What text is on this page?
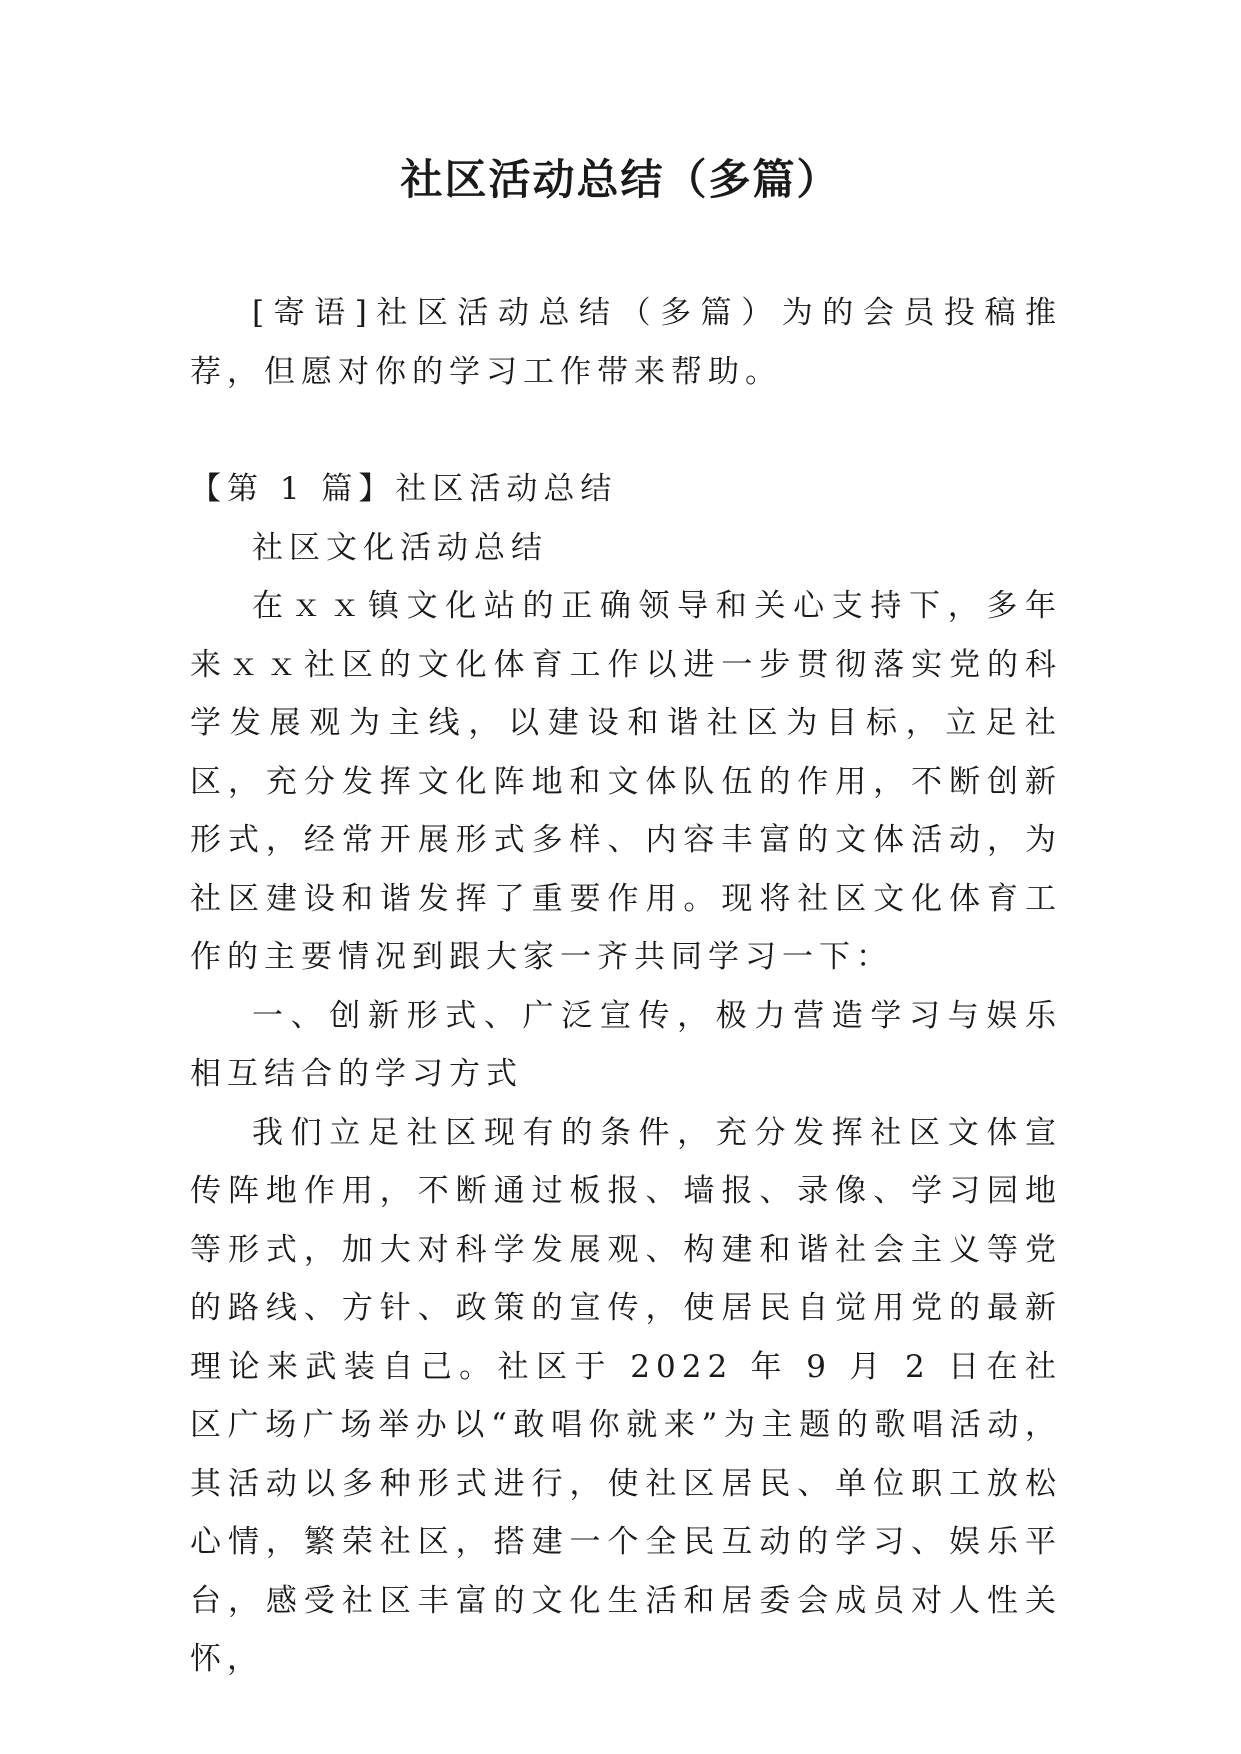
社区活动总结（多篇）

[寄语]社区活动总结（多篇）为的会员投稿推荐，但愿对你的学习工作带来帮助。

【第 1 篇】社区活动总结

社区文化活动总结

在ｘｘ镇文化站的正确领导和关心支持下，多年来ｘｘ社区的文化体育工作以进一步贯彻落实党的科学发展观为主线，以建设和谐社区为目标，立足社区，充分发挥文化阵地和文体队伍的作用，不断创新形式，经常开展形式多样、内容丰富的文体活动，为社区建设和谐发挥了重要作用。现将社区文化体育工作的主要情况到跟大家一齐共同学习一下：

一、创新形式、广泛宣传，极力营造学习与娱乐相互结合的学习方式

我们立足社区现有的条件，充分发挥社区文体宣传阵地作用，不断通过板报、墙报、录像、学习园地等形式，加大对科学发展观、构建和谐社会主义等党的路线、方针、政策的宣传，使居民自觉用党的最新理论来武装自己。社区于 2022 年 9 月 2 日在社区广场广场举办以“敢唱你就来”为主题的歌唱活动，其活动以多种形式进行，使社区居民、单位职工放松心情，繁荣社区，搭建一个全民互动的学习、娱乐平台，感受社区丰富的文化生活和居委会成员对人性关怀，
